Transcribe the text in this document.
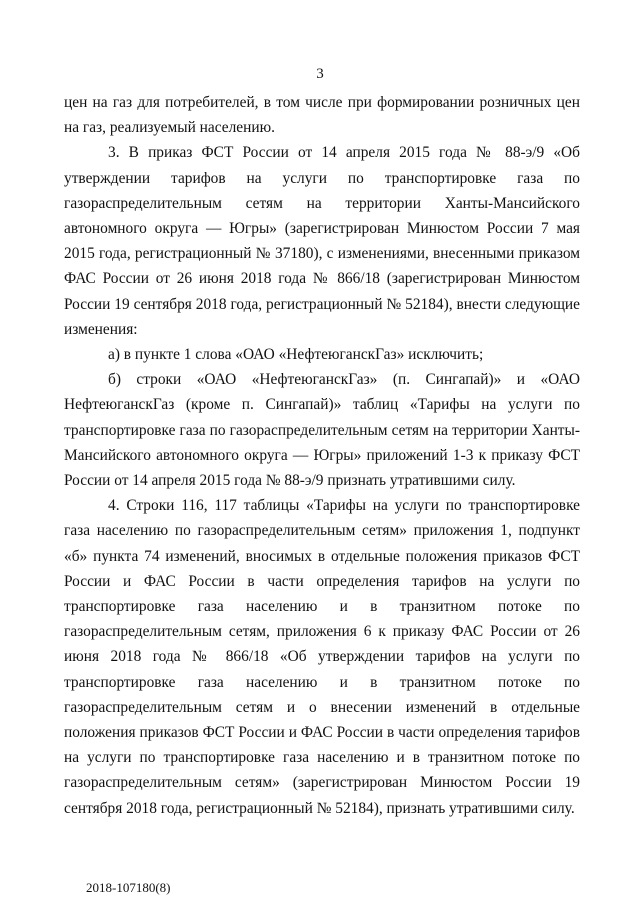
3

цен на газ для потребителей, в том числе при формировании розничных цен на газ, реализуемый населению.

3. В приказ ФСТ России от 14 апреля 2015 года № 88-э/9 «Об утверждении тарифов на услуги по транспортировке газа по газораспределительным сетям на территории Ханты-Мансийского автономного округа — Югры» (зарегистрирован Минюстом России 7 мая 2015 года, регистрационный № 37180), с изменениями, внесенными приказом ФАС России от 26 июня 2018 года № 866/18 (зарегистрирован Минюстом России 19 сентября 2018 года, регистрационный № 52184), внести следующие изменения:

а) в пункте 1 слова «ОАО «НефтеюганскГаз» исключить;

б) строки «ОАО «НефтеюганскГаз» (п. Сингапай)» и «ОАО НефтеюганскГаз (кроме п. Сингапай)» таблиц «Тарифы на услуги по транспортировке газа по газораспределительным сетям на территории Ханты-Мансийского автономного округа — Югры» приложений 1-3 к приказу ФСТ России от 14 апреля 2015 года № 88-э/9 признать утратившими силу.

4. Строки 116, 117 таблицы «Тарифы на услуги по транспортировке газа населению по газораспределительным сетям» приложения 1, подпункт «б» пункта 74 изменений, вносимых в отдельные положения приказов ФСТ России и ФАС России в части определения тарифов на услуги по транспортировке газа населению и в транзитном потоке по газораспределительным сетям, приложения 6 к приказу ФАС России от 26 июня 2018 года № 866/18 «Об утверждении тарифов на услуги по транспортировке газа населению и в транзитном потоке по газораспределительным сетям и о внесении изменений в отдельные положения приказов ФСТ России и ФАС России в части определения тарифов на услуги по транспортировке газа населению и в транзитном потоке по газораспределительным сетям» (зарегистрирован Минюстом России 19 сентября 2018 года, регистрационный № 52184), признать утратившими силу.

2018-107180(8)
